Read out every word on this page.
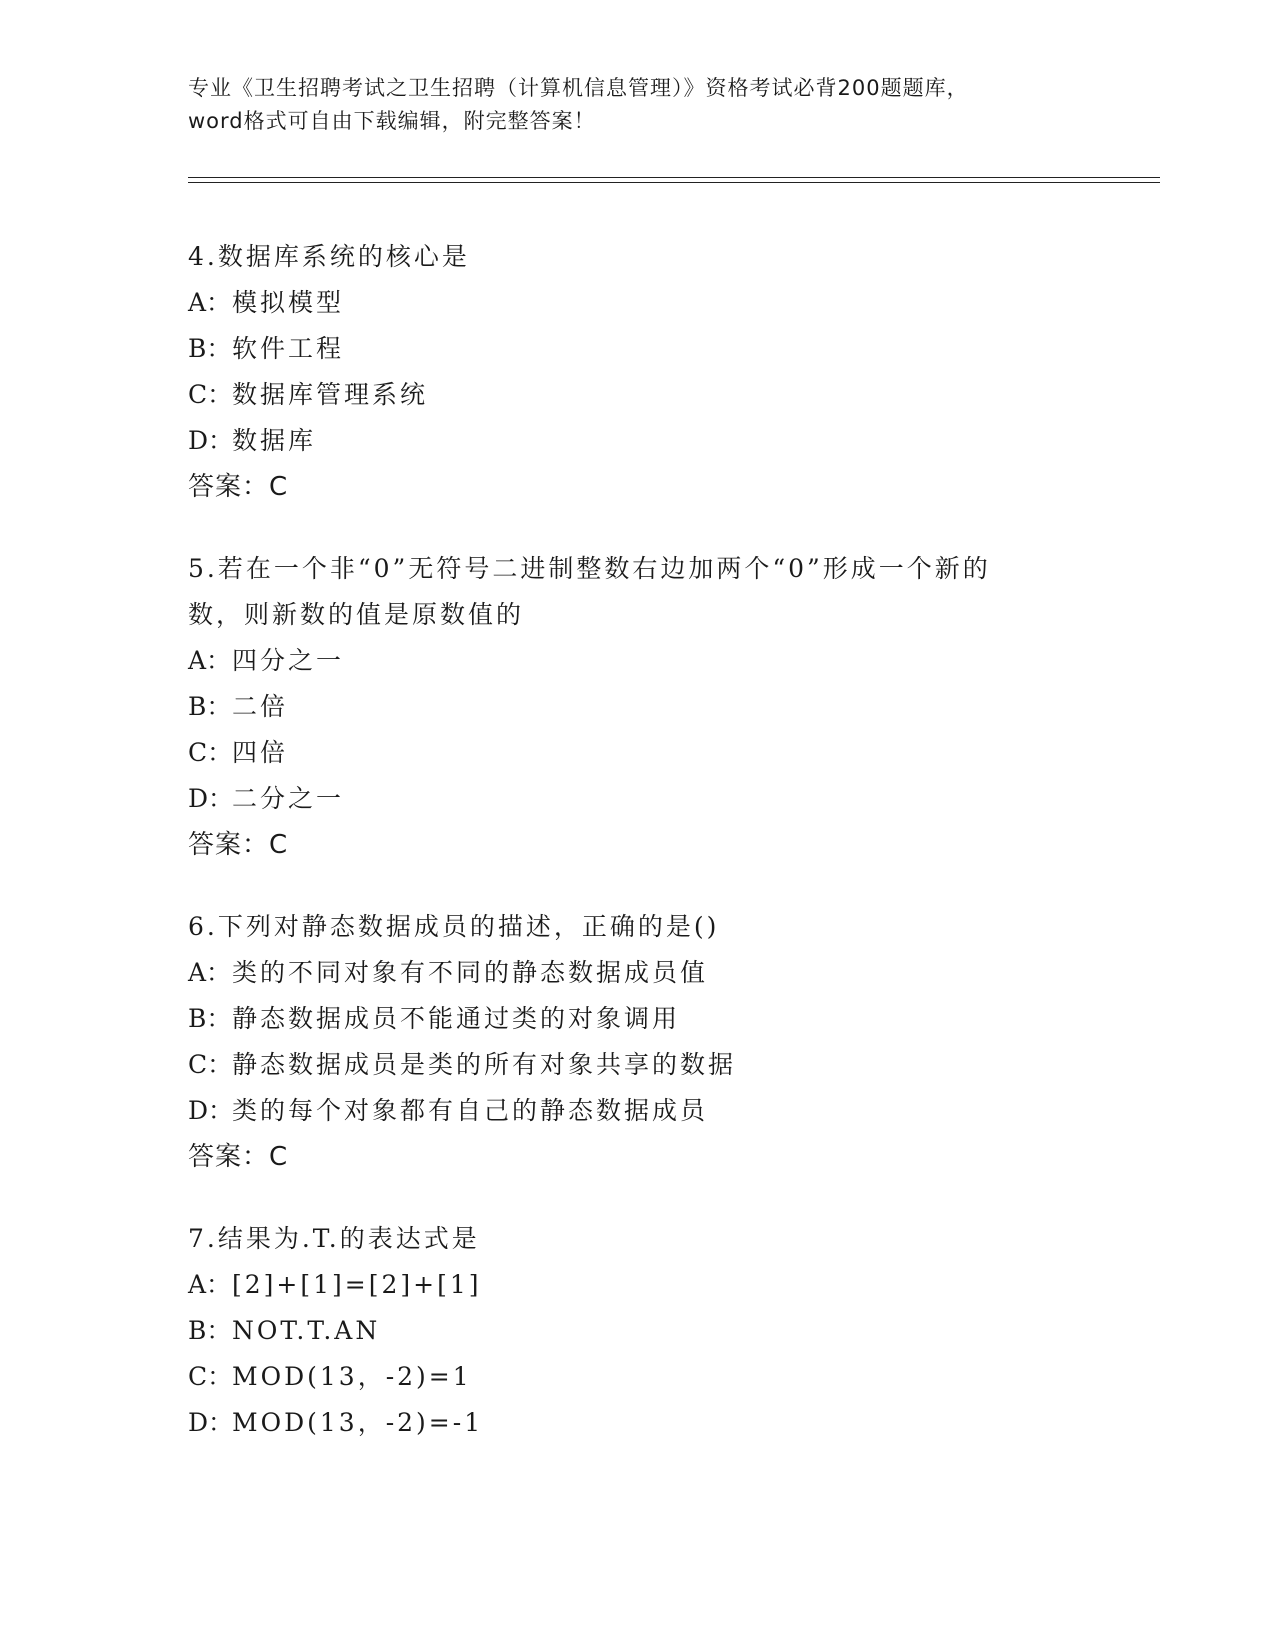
专业《卫生招聘考试之卫生招聘（计算机信息管理）》资格考试必背200题题库，
word格式可自由下载编辑，附完整答案！
4.数据库系统的核心是
A：模拟模型
B：软件工程
C：数据库管理系统
D：数据库
答案：C
5.若在一个非“0”无符号二进制整数右边加两个“0”形成一个新的
数，则新数的值是原数值的
A：四分之一
B：二倍
C：四倍
D：二分之一
答案：C
6.下列对静态数据成员的描述，正确的是()
A：类的不同对象有不同的静态数据成员值
B：静态数据成员不能通过类的对象调用
C：静态数据成员是类的所有对象共享的数据
D：类的每个对象都有自己的静态数据成员
答案：C
7.结果为.T.的表达式是
A：[2]+[1]=[2]+[1]
B：NOT.T.AN
C：MOD(13，-2)=1
D：MOD(13，-2)=-1
